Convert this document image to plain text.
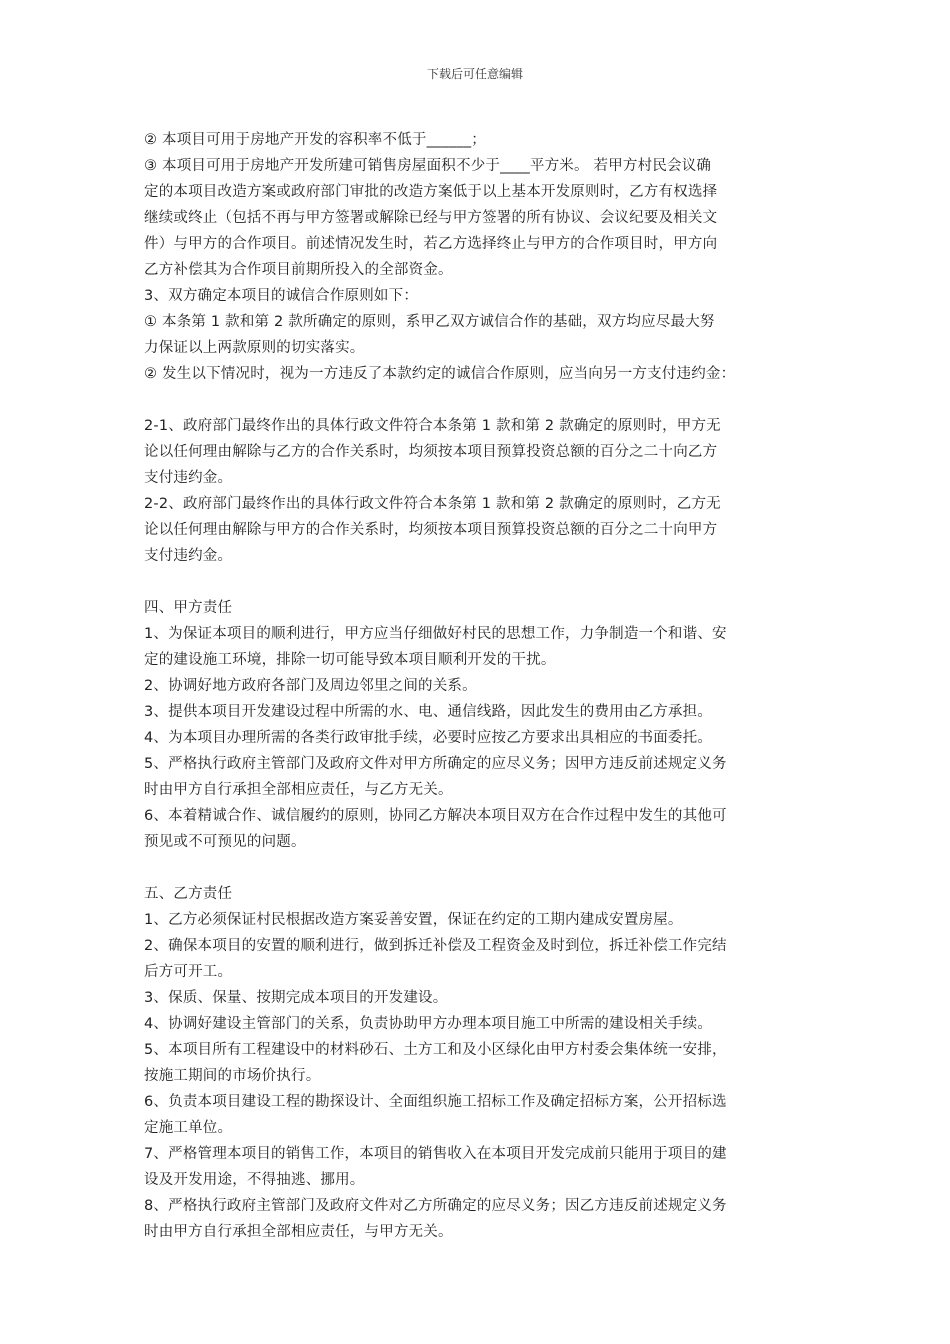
下载后可任意编辑
② 本项目可用于房地产开发的容积率不低于______；
③ 本项目可用于房地产开发所建可销售房屋面积不少于____平方米。 若甲方村民会议确
定的本项目改造方案或政府部门审批的改造方案低于以上基本开发原则时，乙方有权选择
继续或终止（包括不再与甲方签署或解除已经与甲方签署的所有协议、会议纪要及相关文
件）与甲方的合作项目。前述情况发生时，若乙方选择终止与甲方的合作项目时，甲方向
乙方补偿其为合作项目前期所投入的全部资金。
3、双方确定本项目的诚信合作原则如下：
① 本条第 1 款和第 2 款所确定的原则，系甲乙双方诚信合作的基础，双方均应尽最大努
力保证以上两款原则的切实落实。
② 发生以下情况时，视为一方违反了本款约定的诚信合作原则，应当向另一方支付违约金：
2-1、政府部门最终作出的具体行政文件符合本条第 1 款和第 2 款确定的原则时，甲方无
论以任何理由解除与乙方的合作关系时，均须按本项目预算投资总额的百分之二十向乙方
支付违约金。
2-2、政府部门最终作出的具体行政文件符合本条第 1 款和第 2 款确定的原则时，乙方无
论以任何理由解除与甲方的合作关系时，均须按本项目预算投资总额的百分之二十向甲方
支付违约金。
四、甲方责任
1、为保证本项目的顺利进行，甲方应当仔细做好村民的思想工作，力争制造一个和谐、安
定的建设施工环境，排除一切可能导致本项目顺利开发的干扰。
2、协调好地方政府各部门及周边邻里之间的关系。
3、提供本项目开发建设过程中所需的水、电、通信线路，因此发生的费用由乙方承担。
4、为本项目办理所需的各类行政审批手续，必要时应按乙方要求出具相应的书面委托。
5、严格执行政府主管部门及政府文件对甲方所确定的应尽义务；因甲方违反前述规定义务
时由甲方自行承担全部相应责任，与乙方无关。
6、本着精诚合作、诚信履约的原则，协同乙方解决本项目双方在合作过程中发生的其他可
预见或不可预见的问题。
五、乙方责任
1、乙方必须保证村民根据改造方案妥善安置，保证在约定的工期内建成安置房屋。
2、确保本项目的安置的顺利进行，做到拆迁补偿及工程资金及时到位，拆迁补偿工作完结
后方可开工。
3、保质、保量、按期完成本项目的开发建设。
4、协调好建设主管部门的关系，负责协助甲方办理本项目施工中所需的建设相关手续。
5、本项目所有工程建设中的材料砂石、土方工和及小区绿化由甲方村委会集体统一安排，
按施工期间的市场价执行。
6、负责本项目建设工程的勘探设计、全面组织施工招标工作及确定招标方案，公开招标选
定施工单位。
7、严格管理本项目的销售工作，本项目的销售收入在本项目开发完成前只能用于项目的建
设及开发用途，不得抽逃、挪用。
8、严格执行政府主管部门及政府文件对乙方所确定的应尽义务；因乙方违反前述规定义务
时由甲方自行承担全部相应责任，与甲方无关。
